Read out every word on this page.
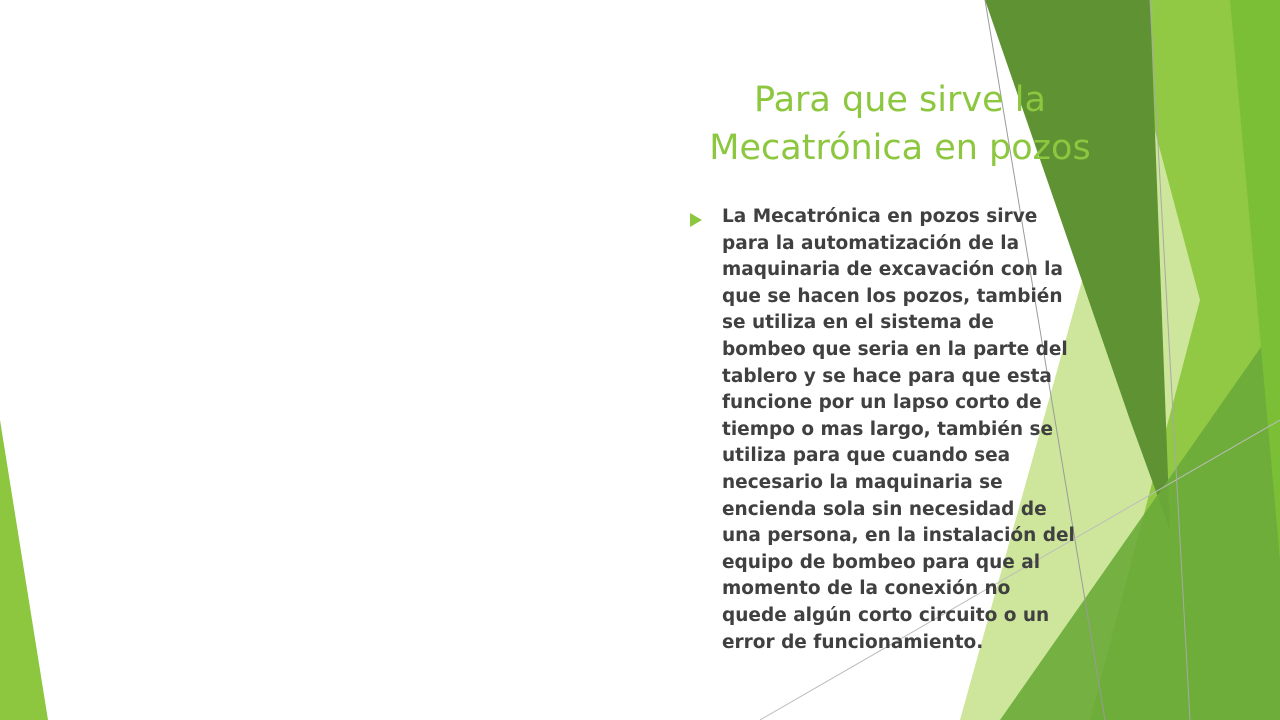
Para que sirve la
Mecatrónica en pozos

La Mecatrónica en pozos sirve
para la automatización de la
maquinaria de excavación con la
que se hacen los pozos, también
se utiliza en el sistema de
bombeo que seria en la parte del
tablero y se hace para que esta
funcione por un lapso corto de
tiempo o mas largo, también se
utiliza para que cuando sea
necesario la maquinaria se
encienda sola sin necesidad de
una persona, en la instalación del
equipo de bombeo para que al
momento de la conexión no
quede algún corto circuito o un
error de funcionamiento.
